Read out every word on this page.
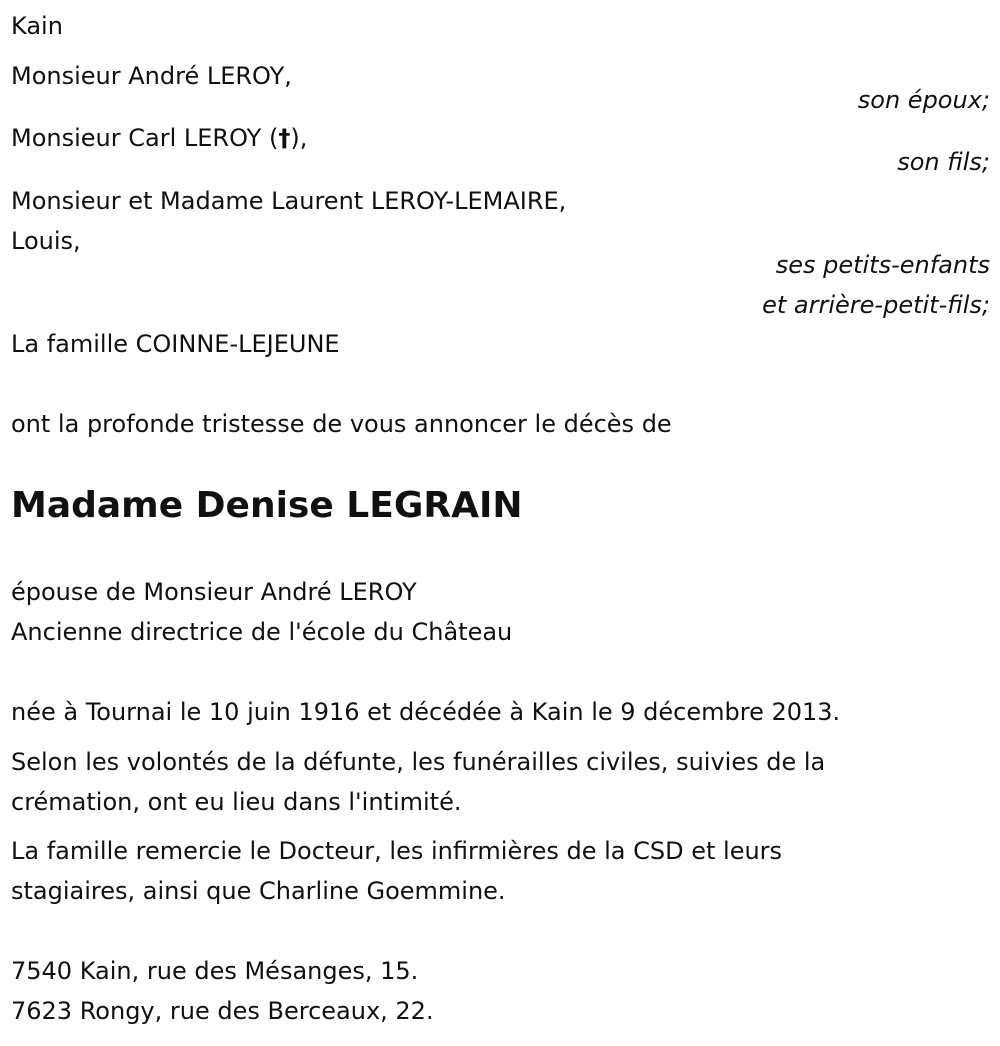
Kain
Monsieur André LEROY,
son époux;
Monsieur Carl LEROY (†),
son fils;
Monsieur et Madame Laurent LEROY-LEMAIRE,
Louis,
ses petits-enfants
et arrière-petit-fils;
La famille COINNE-LEJEUNE
ont la profonde tristesse de vous annoncer le décès de
Madame Denise LEGRAIN
épouse de Monsieur André LEROY
Ancienne directrice de l'école du Château
née à Tournai le 10 juin 1916 et décédée à Kain le 9 décembre 2013.
Selon les volontés de la défunte, les funérailles civiles, suivies de la
crémation, ont eu lieu dans l'intimité.
La famille remercie le Docteur, les infirmières de la CSD et leurs
stagiaires, ainsi que Charline Goemmine.
7540 Kain, rue des Mésanges, 15.
7623 Rongy, rue des Berceaux, 22.
